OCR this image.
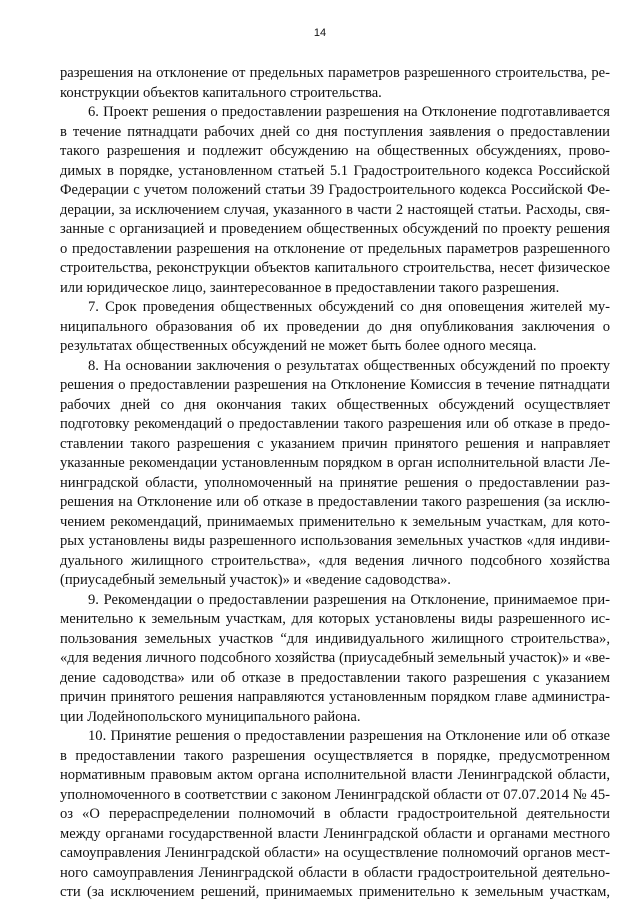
14
разрешения на отклонение от предельных параметров разрешенного строительства, ре-
конструкции объектов капитального строительства.
6. Проект решения о предоставлении разрешения на Отклонение подготавливается
в течение пятнадцати рабочих дней со дня поступления заявления о предоставлении
такого разрешения и подлежит обсуждению на общественных обсуждениях, прово-
димых в порядке, установленном статьей 5.1 Градостроительного кодекса Российской
Федерации с учетом положений статьи 39 Градостроительного кодекса Российской Фе-
дерации, за исключением случая, указанного в части 2 настоящей статьи. Расходы, свя-
занные с организацией и проведением общественных обсуждений по проекту решения
о предоставлении разрешения на отклонение от предельных параметров разрешенного
строительства, реконструкции объектов капитального строительства, несет физическое
или юридическое лицо, заинтересованное в предоставлении такого разрешения.
7. Срок проведения общественных обсуждений со дня оповещения жителей му-
ниципального образования об их проведении до дня опубликования заключения о
результатах общественных обсуждений не может быть более одного месяца.
8. На основании заключения о результатах общественных обсуждений по проекту
решения о предоставлении разрешения на Отклонение Комиссия в течение пятнадцати
рабочих дней со дня окончания таких общественных обсуждений осуществляет
подготовку рекомендаций о предоставлении такого разрешения или об отказе в предо-
ставлении такого разрешения с указанием причин принятого решения и направляет
указанные рекомендации установленным порядком в орган исполнительной власти Ле-
нинградской области, уполномоченный на принятие решения о предоставлении раз-
решения на Отклонение или об отказе в предоставлении такого разрешения (за исклю-
чением рекомендаций, принимаемых применительно к земельным участкам, для кото-
рых установлены виды разрешенного использования земельных участков «для индиви-
дуального жилищного строительства», «для ведения личного подсобного хозяйства
(приусадебный земельный участок)» и «ведение садоводства».
9. Рекомендации о предоставлении разрешения на Отклонение, принимаемое при-
менительно к земельным участкам, для которых установлены виды разрешенного ис-
пользования земельных участков “для индивидуального жилищного строительства»,
«для ведения личного подсобного хозяйства (приусадебный земельный участок)» и «ве-
дение садоводства» или об отказе в предоставлении такого разрешения с указанием
причин принятого решения направляются установленным порядком главе администра-
ции Лодейнопольского муниципального района.
10. Принятие решения о предоставлении разрешения на Отклонение или об отказе
в предоставлении такого разрешения осуществляется в порядке, предусмотренном
нормативным правовым актом органа исполнительной власти Ленинградской области,
уполномоченного в соответствии с законом Ленинградской области от 07.07.2014 № 45-
оз «О перераспределении полномочий в области градостроительной деятельности
между органами государственной власти Ленинградской области и органами местного
самоуправления Ленинградской области» на осуществление полномочий органов мест-
ного самоуправления Ленинградской области в области градостроительной деятельно-
сти (за исключением решений, принимаемых применительно к земельным участкам,
